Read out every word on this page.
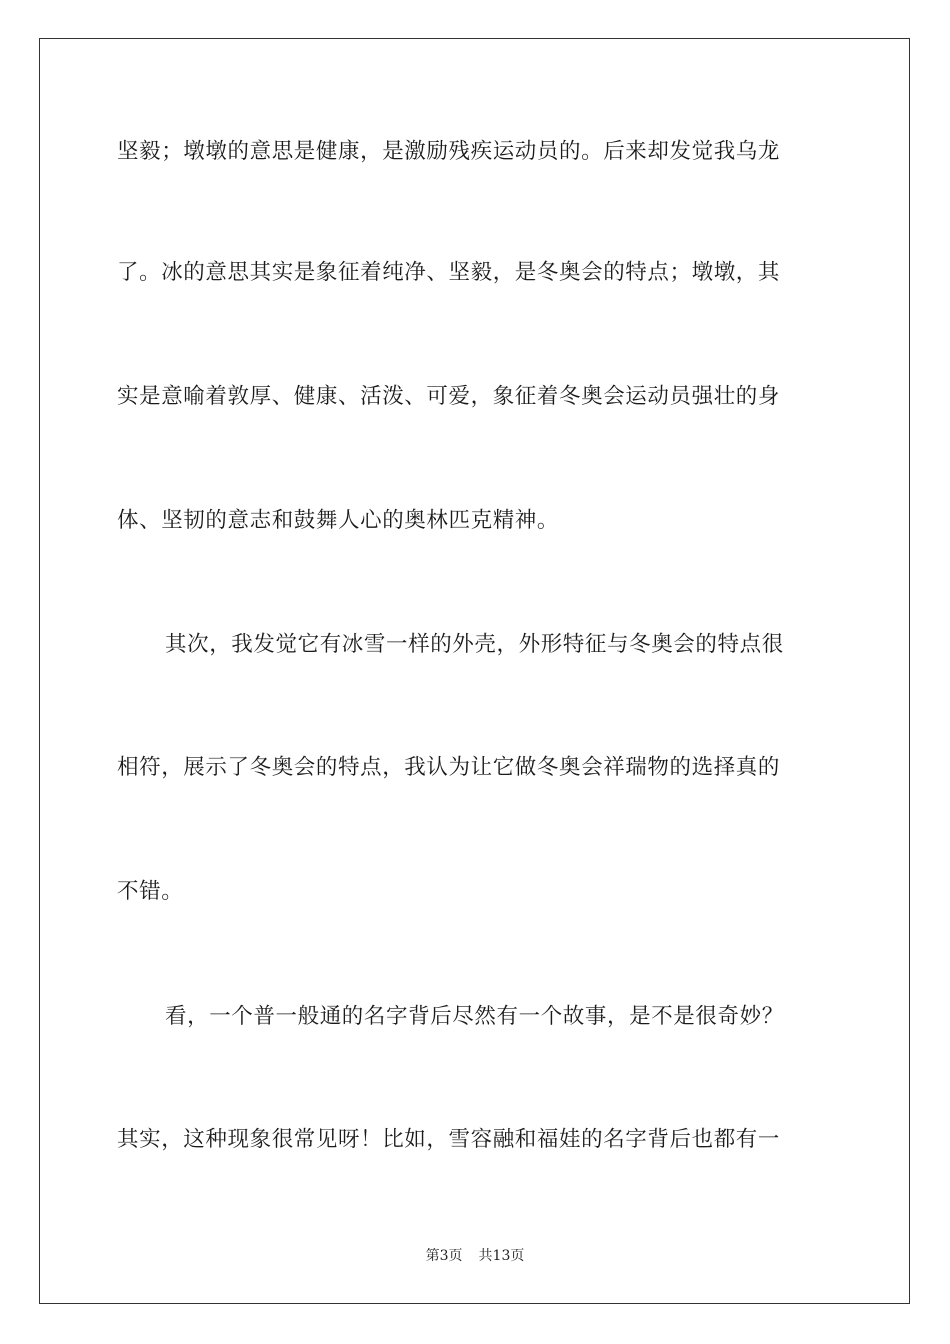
坚毅；墩墩的意思是健康，是激励残疾运动员的。后来却发觉我乌龙
了。冰的意思其实是象征着纯净、坚毅，是冬奥会的特点；墩墩，其
实是意喻着敦厚、健康、活泼、可爱，象征着冬奥会运动员强壮的身
体、坚韧的意志和鼓舞人心的奥林匹克精神。
其次，我发觉它有冰雪一样的外壳，外形特征与冬奥会的特点很
相符，展示了冬奥会的特点，我认为让它做冬奥会祥瑞物的选择真的
不错。
看，一个普一般通的名字背后尽然有一个故事，是不是很奇妙？
其实，这种现象很常见呀！比如，雪容融和福娃的名字背后也都有一
第3页 共13页
